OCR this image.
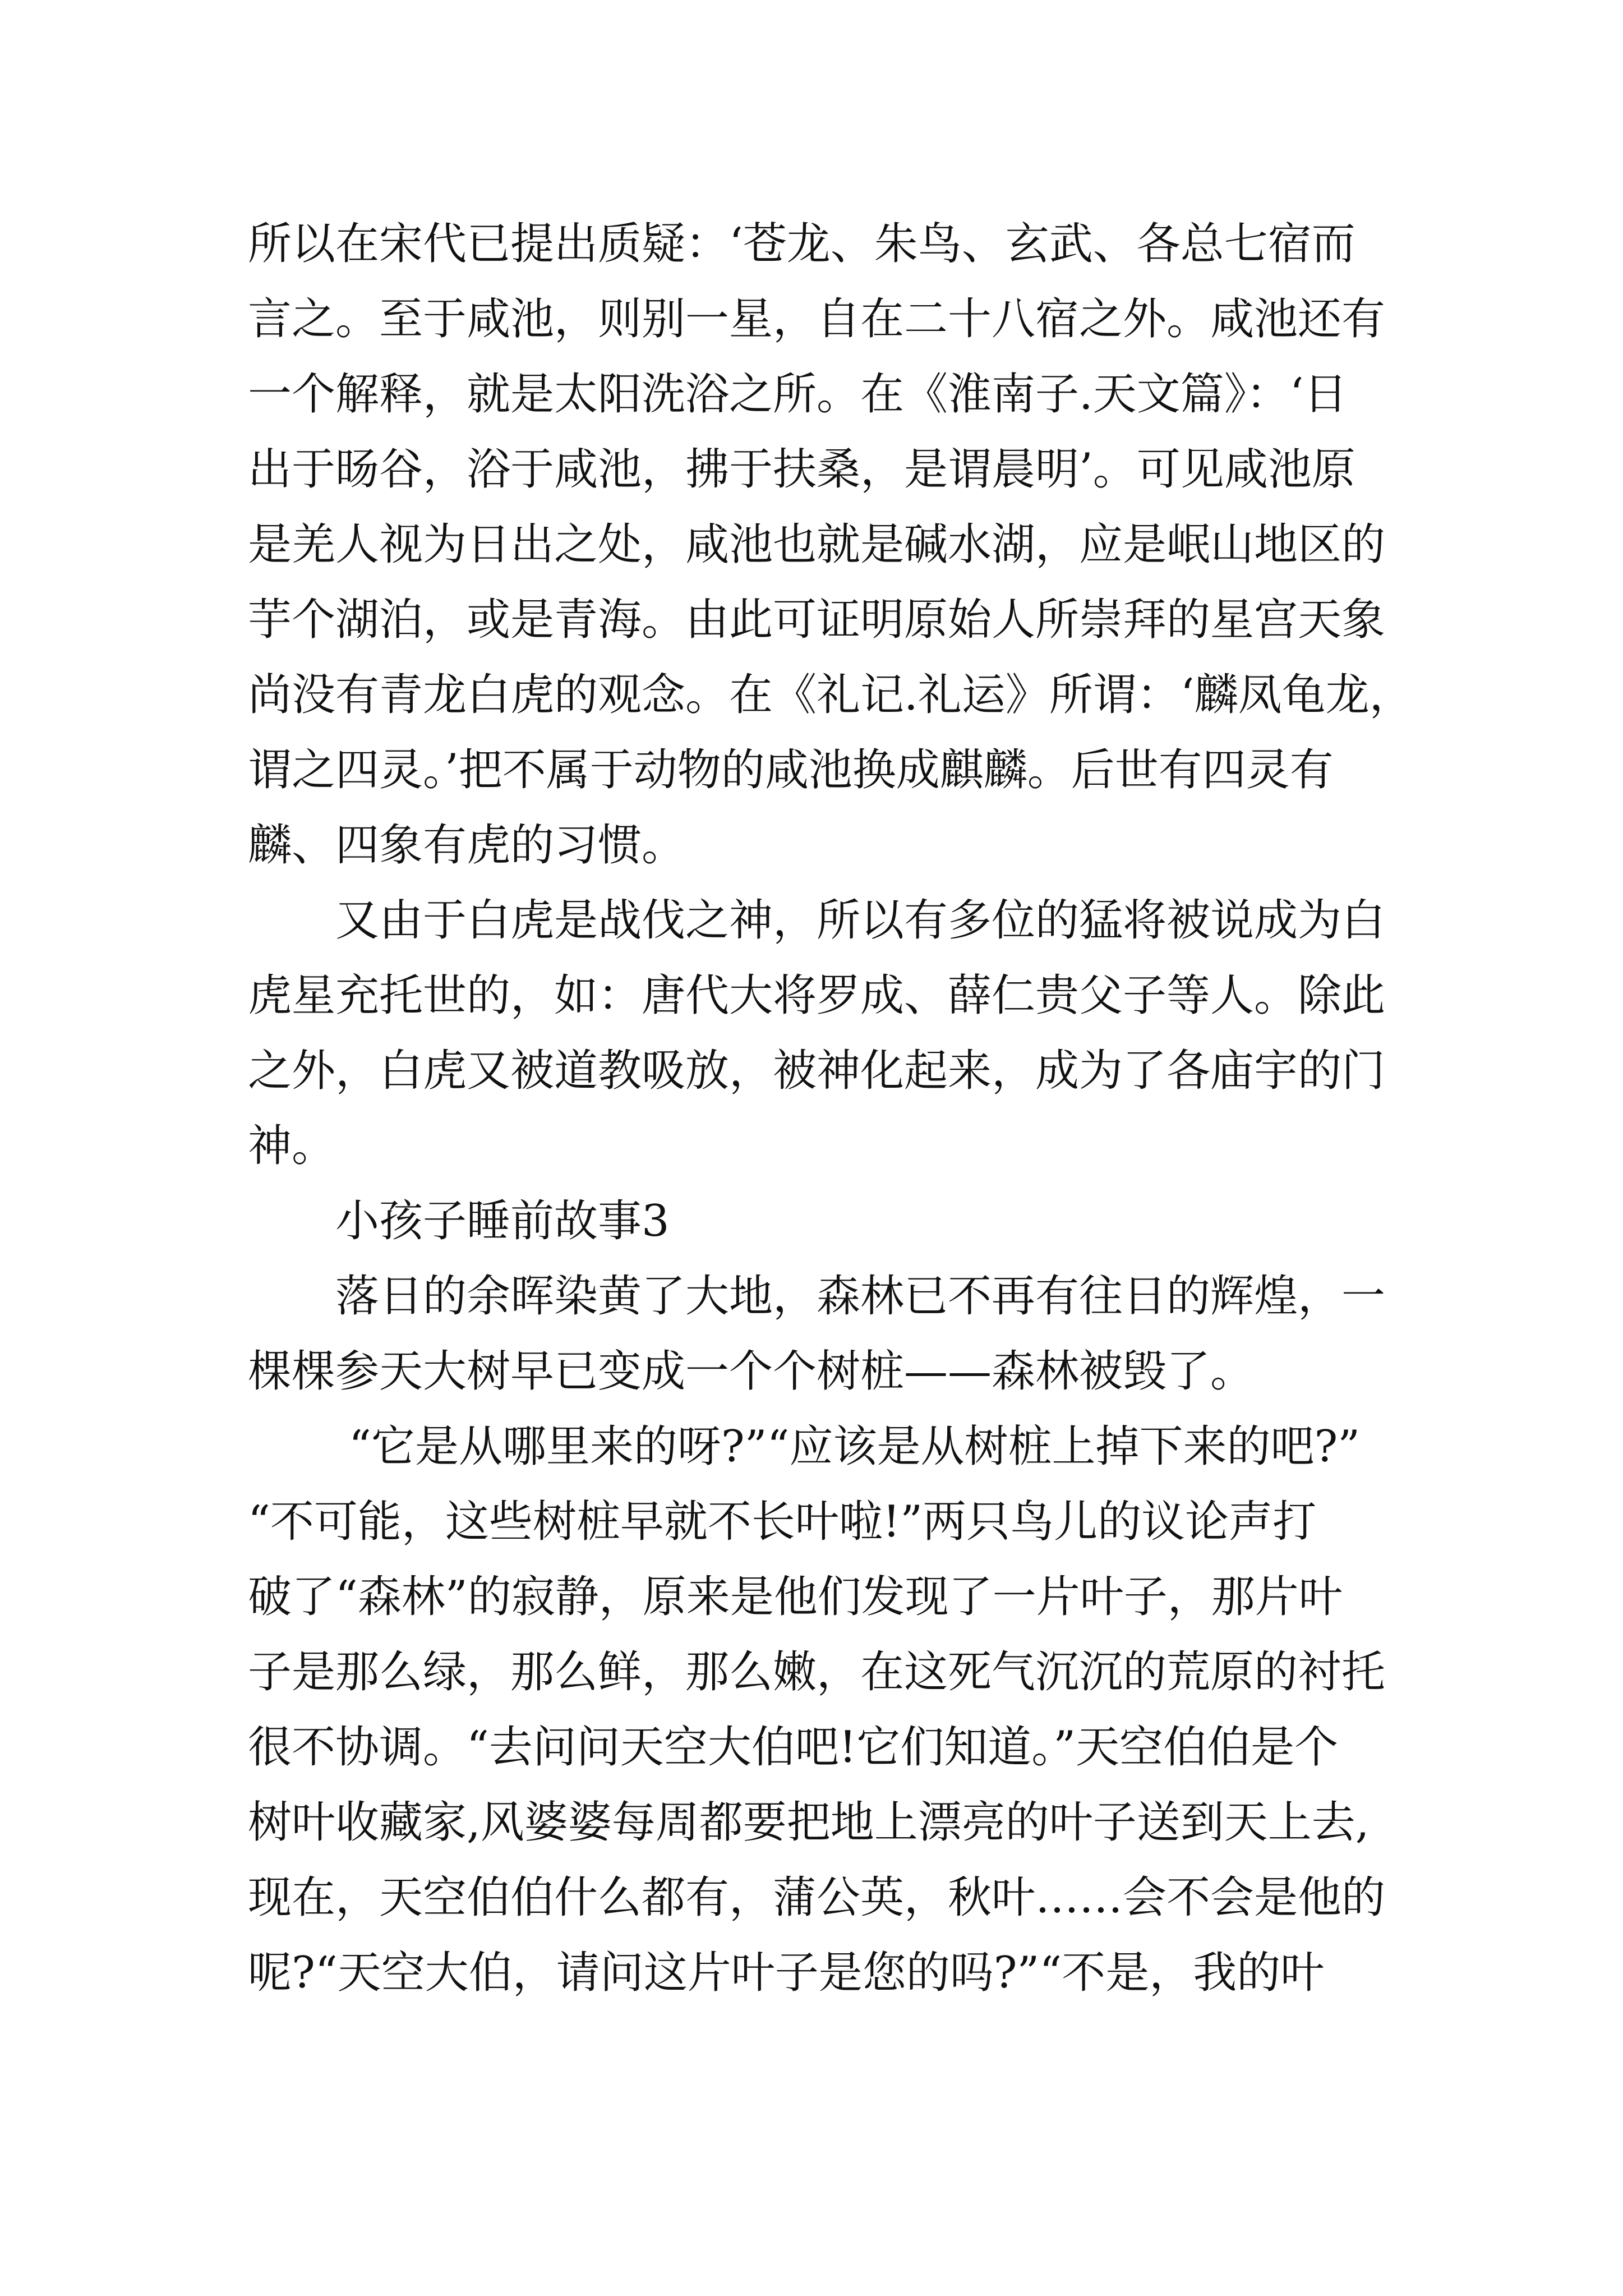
所以在宋代已提出质疑：‘苍龙、朱鸟、玄武、各总七宿而
言之。至于咸池，则别一星，自在二十八宿之外。咸池还有
一个解释，就是太阳洗浴之所。在《淮南子.天文篇》：‘日
出于旸谷，浴于咸池，拂于扶桑，是谓晨明’。可见咸池原
是羌人视为日出之处，咸池也就是碱水湖，应是岷山地区的
芋个湖泊，或是青海。由此可证明原始人所崇拜的星宫天象
尚没有青龙白虎的观念。在《礼记.礼运》所谓：‘麟凤龟龙，
谓之四灵。’把不属于动物的咸池换成麒麟。后世有四灵有
麟、四象有虎的习惯。
又由于白虎是战伐之神，所以有多位的猛将被说成为白
虎星充托世的，如：唐代大将罗成、薛仁贵父子等人。除此
之外，白虎又被道教吸放，被神化起来，成为了各庙宇的门
神。
小孩子睡前故事3
落日的余晖染黄了大地，森林已不再有往日的辉煌，一
棵棵参天大树早已变成一个个树桩——森林被毁了。
“它是从哪里来的呀?”“应该是从树桩上掉下来的吧?”
“不可能，这些树桩早就不长叶啦!”两只鸟儿的议论声打
破了“森林”的寂静，原来是他们发现了一片叶子，那片叶
子是那么绿，那么鲜，那么嫩，在这死气沉沉的荒原的衬托
很不协调。“去问问天空大伯吧!它们知道。”天空伯伯是个
树叶收藏家,风婆婆每周都要把地上漂亮的叶子送到天上去,
现在，天空伯伯什么都有，蒲公英，秋叶……会不会是他的
呢?“天空大伯，请问这片叶子是您的吗?”“不是，我的叶
